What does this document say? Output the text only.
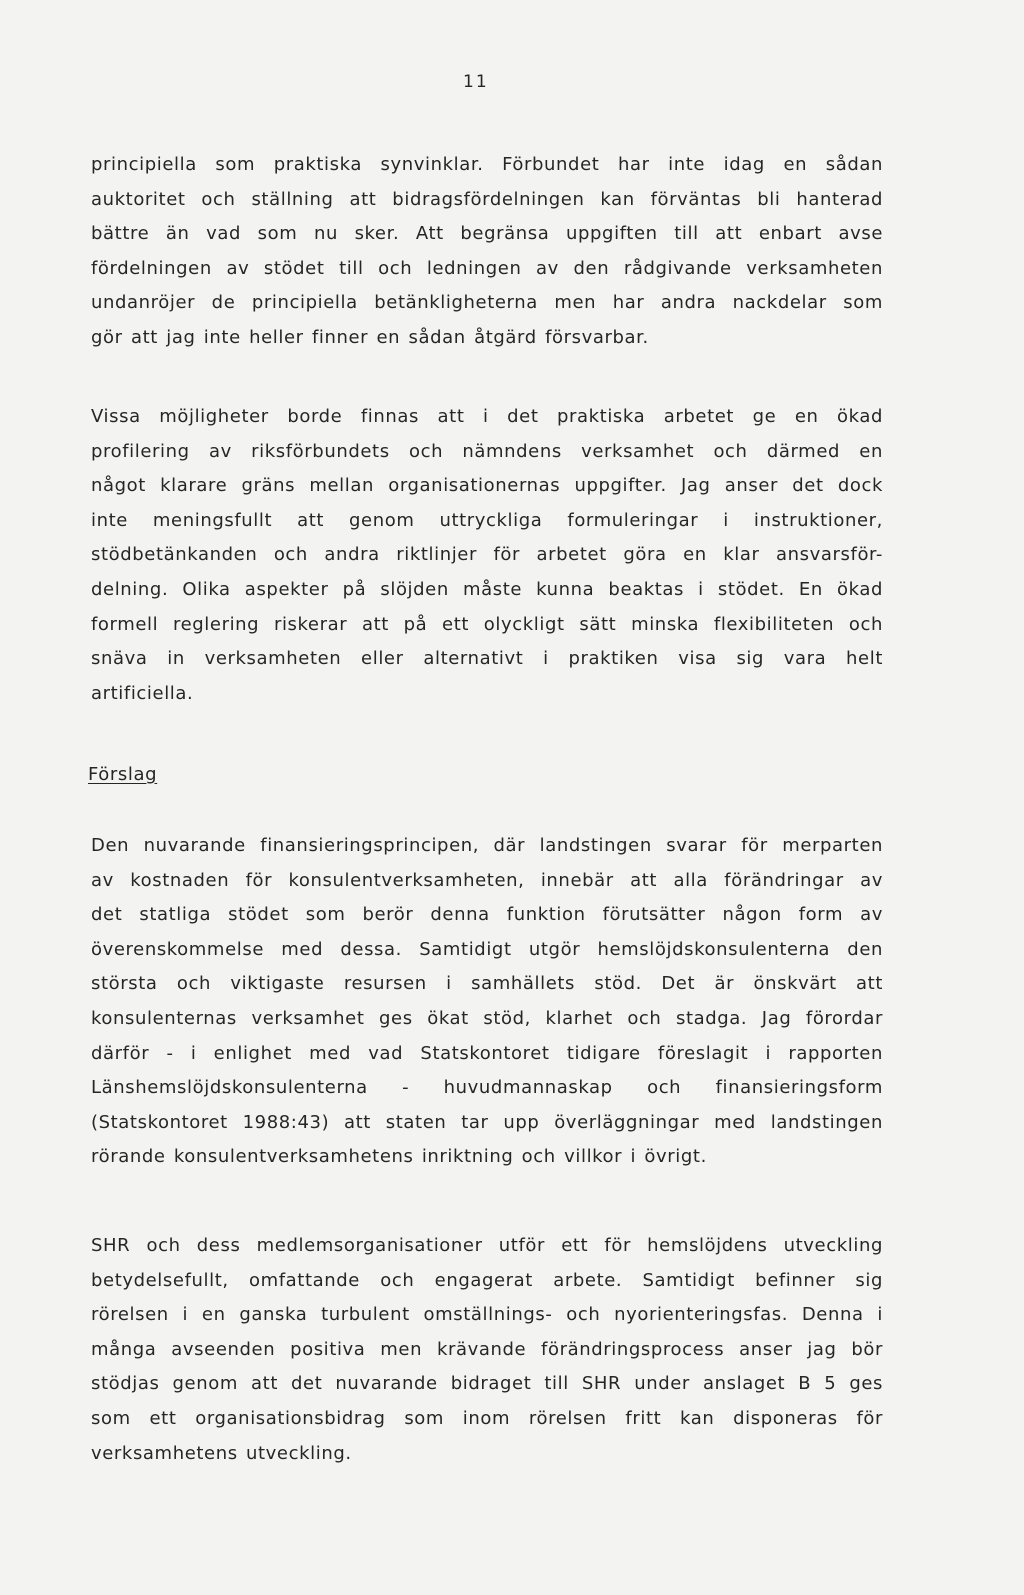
11

principiella som praktiska synvinklar. Förbundet har inte idag en sådan
auktoritet och ställning att bidragsfördelningen kan förväntas bli hanterad
bättre än vad som nu sker. Att begränsa uppgiften till att enbart avse
fördelningen av stödet till och ledningen av den rådgivande verksamheten
undanröjer de principiella betänkligheterna men har andra nackdelar som
gör att jag inte heller finner en sådan åtgärd försvarbar.

Vissa möjligheter borde finnas att i det praktiska arbetet ge en ökad
profilering av riksförbundets och nämndens verksamhet och därmed en
något klarare gräns mellan organisationernas uppgifter. Jag anser det dock
inte meningsfullt att genom uttryckliga formuleringar i instruktioner,
stödbetänkanden och andra riktlinjer för arbetet göra en klar ansvarsför-
delning. Olika aspekter på slöjden måste kunna beaktas i stödet. En ökad
formell reglering riskerar att på ett olyckligt sätt minska flexibiliteten och
snäva in verksamheten eller alternativt i praktiken visa sig vara helt
artificiella.

Förslag

Den nuvarande finansieringsprincipen, där landstingen svarar för merparten
av kostnaden för konsulentverksamheten, innebär att alla förändringar av
det statliga stödet som berör denna funktion förutsätter någon form av
överenskommelse med dessa. Samtidigt utgör hemslöjdskonsulenterna den
största och viktigaste resursen i samhällets stöd. Det är önskvärt att
konsulenternas verksamhet ges ökat stöd, klarhet och stadga. Jag förordar
därför - i enlighet med vad Statskontoret tidigare föreslagit i rapporten
Länshemslöjdskonsulenterna - huvudmannaskap och finansieringsform
(Statskontoret 1988:43) att staten tar upp överläggningar med landstingen
rörande konsulentverksamhetens inriktning och villkor i övrigt.

SHR och dess medlemsorganisationer utför ett för hemslöjdens utveckling
betydelsefullt, omfattande och engagerat arbete. Samtidigt befinner sig
rörelsen i en ganska turbulent omställnings- och nyorienteringsfas. Denna i
många avseenden positiva men krävande förändringsprocess anser jag bör
stödjas genom att det nuvarande bidraget till SHR under anslaget B 5 ges
som ett organisationsbidrag som inom rörelsen fritt kan disponeras för
verksamhetens utveckling.
